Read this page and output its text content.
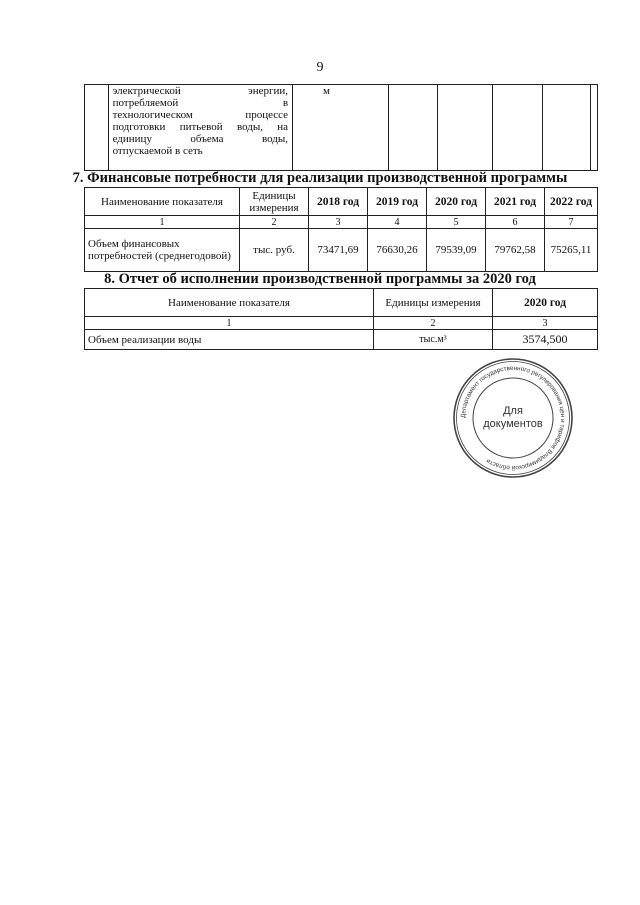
9

электрической энергии,
потребляемой в
технологическом процессе
подготовки питьевой воды, на
единицу объема воды,
отпускаемой в сеть
	м					
7. Финансовые потребности для реализации производственной программы
Наименование показателя	Единицы измерения	2018 год	2019 год	2020 год	2021 год	2022 год
1	2	3	4	5	6	7
Объем финансовых потребностей (среднегодовой)	тыс. руб.	73471,69	76630,26	79539,09	79762,58	75265,11
8. Отчет об исполнении производственной программы за 2020 год
Наименование показателя	Единицы измерения	2020 год
1	2	3
Объем реализации воды	тыс.м³	3574,500
Департамент государственного регулирования цен и тарифов Владимирской области
Для
документов
